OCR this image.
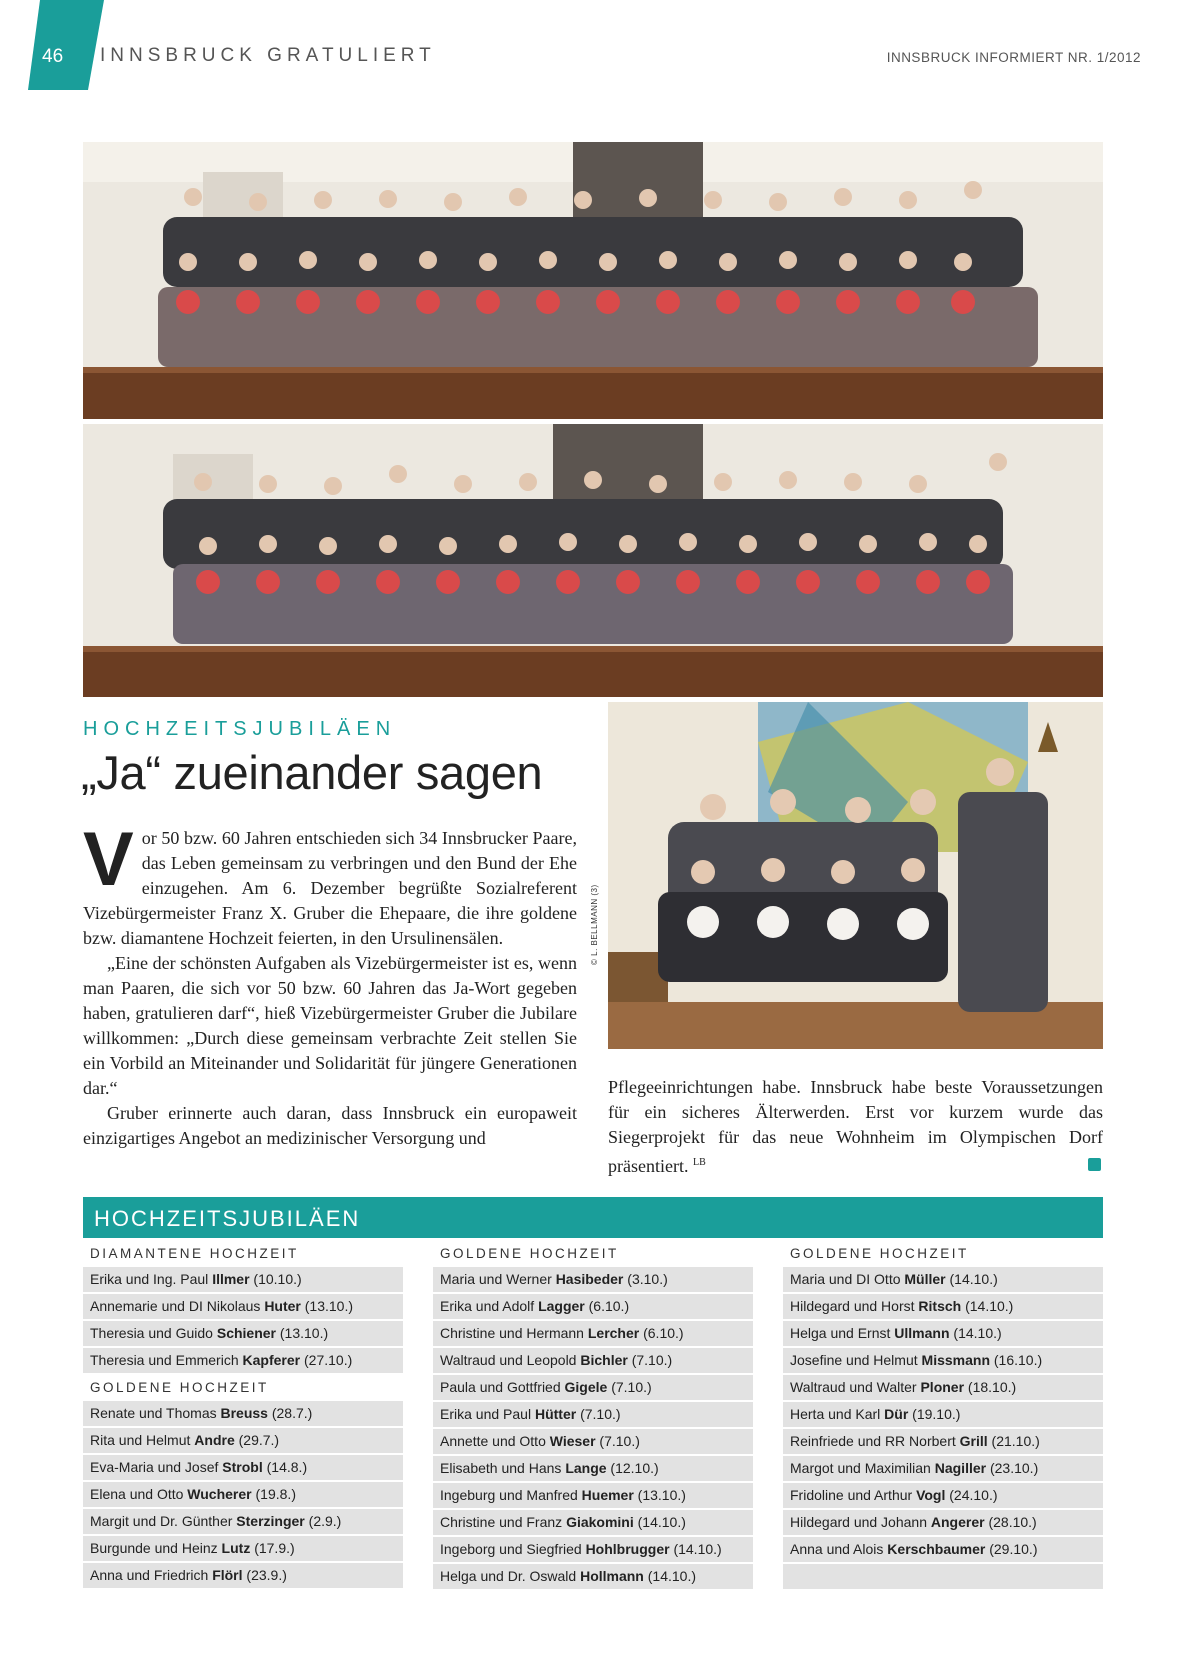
46 INNSBRUCK GRATULIERT	INNSBRUCK INFORMIERT NR. 1/2012
© L. BELLMANN (3)
HOCHZEITSJUBILÄEN
„Ja“ zueinander sagen

Vor 50 bzw. 60 Jahren entschieden sich 34 Innsbrucker Paare, das Leben gemeinsam zu verbringen und den Bund der Ehe einzugehen. Am 6. Dezember begrüßte Sozialreferent Vizebürgermeister Franz X. Gruber die Ehepaare, die ihre goldene bzw. diamantene Hochzeit feierten, in den Ursulinensälen.

„Eine der schönsten Aufgaben als Vizebürgermeister ist es, wenn man Paaren, die sich vor 50 bzw. 60 Jahren das Ja-Wort gegeben haben, gratulieren darf“, hieß Vizebürgermeister Gruber die Jubilare willkommen: „Durch diese gemeinsam verbrachte Zeit stellen Sie ein Vorbild an Miteinander und Solidarität für jüngere Generationen dar.“

Gruber erinnerte auch daran, dass Innsbruck ein europaweit einzigartiges Angebot an medizinischer Versorgung und

Pflegeeinrichtungen habe. Innsbruck habe beste Voraussetzungen für ein sicheres Älterwerden. Erst vor kurzem wurde das Siegerprojekt für das neue Wohnheim im Olympischen Dorf präsentiert. $^{LB}$

HOCHZEITSJUBILÄEN
DIAMANTENE HOCHZEIT
Erika und Ing. Paul Illmer (10.10.)
Annemarie und DI Nikolaus Huter (13.10.)
Theresia und Guido Schiener (13.10.)
Theresia und Emmerich Kapferer (27.10.)
GOLDENE HOCHZEIT
Renate und Thomas Breuss (28.7.)
Rita und Helmut Andre (29.7.)
Eva-Maria und Josef Strobl (14.8.)
Elena und Otto Wucherer (19.8.)
Margit und Dr. Günther Sterzinger (2.9.)
Burgunde und Heinz Lutz (17.9.)
Anna und Friedrich Flörl (23.9.)
GOLDENE HOCHZEIT
Maria und Werner Hasibeder (3.10.)
Erika und Adolf Lagger (6.10.)
Christine und Hermann Lercher (6.10.)
Waltraud und Leopold Bichler (7.10.)
Paula und Gottfried Gigele (7.10.)
Erika und Paul Hütter (7.10.)
Annette und Otto Wieser (7.10.)
Elisabeth und Hans Lange (12.10.)
Ingeburg und Manfred Huemer (13.10.)
Christine und Franz Giakomini (14.10.)
Ingeborg und Siegfried Hohlbrugger (14.10.)
Helga und Dr. Oswald Hollmann (14.10.)
GOLDENE HOCHZEIT
Maria und DI Otto Müller (14.10.)
Hildegard und Horst Ritsch (14.10.)
Helga und Ernst Ullmann (14.10.)
Josefine und Helmut Missmann (16.10.)
Waltraud und Walter Ploner (18.10.)
Herta und Karl Dür (19.10.)
Reinfriede und RR Norbert Grill (21.10.)
Margot und Maximilian Nagiller (23.10.)
Fridoline und Arthur Vogl (24.10.)
Hildegard und Johann Angerer (28.10.)
Anna und Alois Kerschbaumer (29.10.)
